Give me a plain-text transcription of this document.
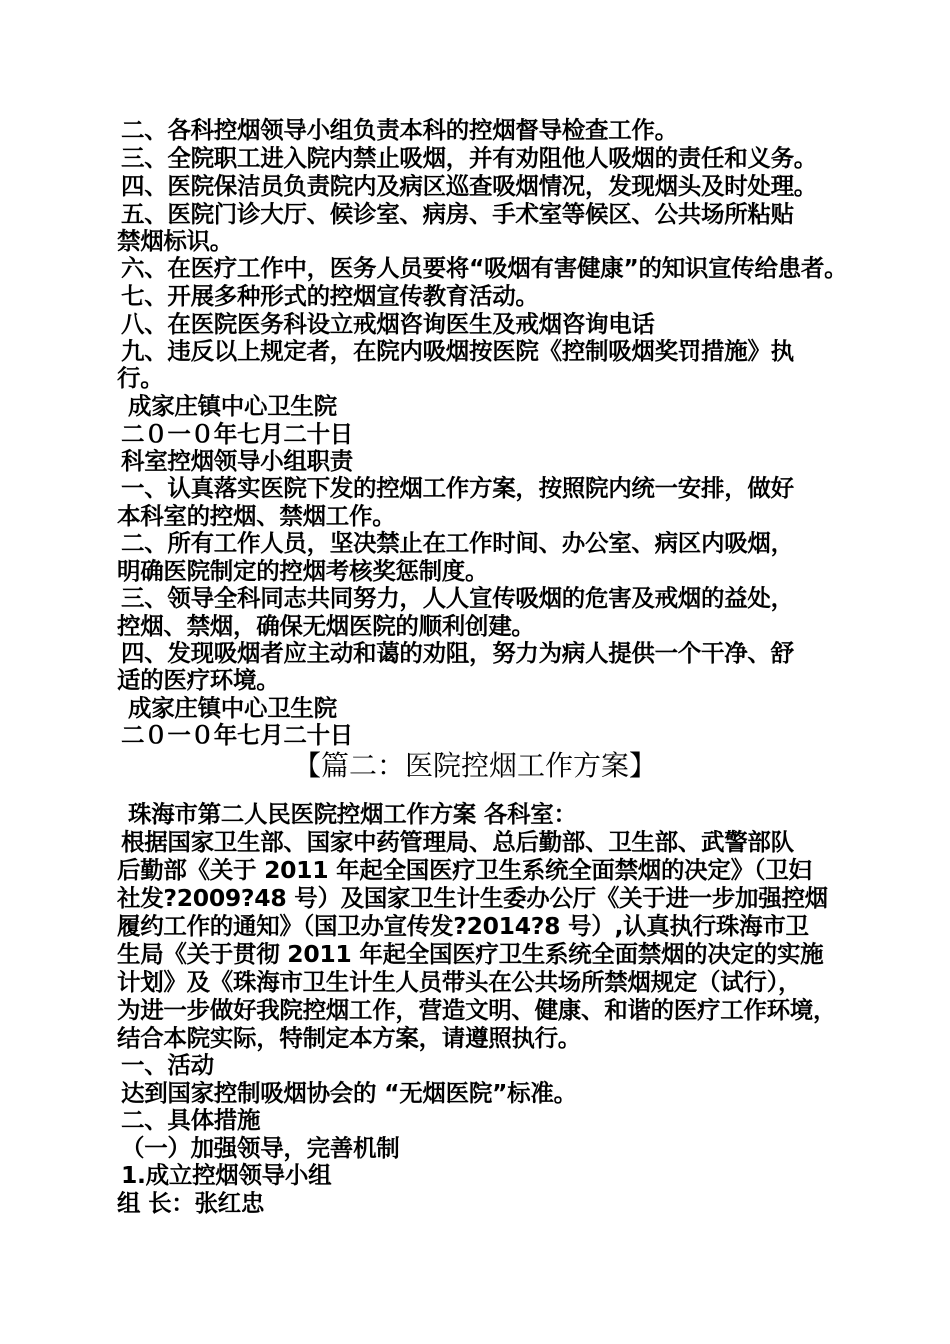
二、各科控烟领导小组负责本科的控烟督导检查工作。
三、全院职工进入院内禁止吸烟，并有劝阻他人吸烟的责任和义务。
四、医院保洁员负责院内及病区巡查吸烟情况，发现烟头及时处理。
五、医院门诊大厅、候诊室、病房、手术室等候区、公共场所粘贴
禁烟标识。
六、在医疗工作中，医务人员要将“吸烟有害健康”的知识宣传给患者。
七、开展多种形式的控烟宣传教育活动。
八、在医院医务科设立戒烟咨询医生及戒烟咨询电话
九、违反以上规定者，在院内吸烟按医院《控制吸烟奖罚措施》执
行。
成家庄镇中心卫生院
二０一０年七月二十日
科室控烟领导小组职责
一、认真落实医院下发的控烟工作方案，按照院内统一安排，做好
本科室的控烟、禁烟工作。
二、所有工作人员，坚决禁止在工作时间、办公室、病区内吸烟，
明确医院制定的控烟考核奖惩制度。
三、领导全科同志共同努力，人人宣传吸烟的危害及戒烟的益处，
控烟、禁烟，确保无烟医院的顺利创建。
四、发现吸烟者应主动和蔼的劝阻，努力为病人提供一个干净、舒
适的医疗环境。
成家庄镇中心卫生院
二０一０年七月二十日
【篇二：医院控烟工作方案】
珠海市第二人民医院控烟工作方案 各科室：
根据国家卫生部、国家中药管理局、总后勤部、卫生部、武警部队
后勤部《关于 2011 年起全国医疗卫生系统全面禁烟的决定》（卫妇
社发?2009?48 号）及国家卫生计生委办公厅《关于进一步加强控烟
履约工作的通知》（国卫办宣传发?2014?8 号）,认真执行珠海市卫
生局《关于贯彻 2011 年起全国医疗卫生系统全面禁烟的决定的实施
计划》及《珠海市卫生计生人员带头在公共场所禁烟规定（试行），
为进一步做好我院控烟工作，营造文明、健康、和谐的医疗工作环境，
结合本院实际，特制定本方案，请遵照执行。
一、活动
达到国家控制吸烟协会的 “无烟医院”标准。
二、具体措施
（一）加强领导，完善机制
1.成立控烟领导小组
组 长：张红忠
